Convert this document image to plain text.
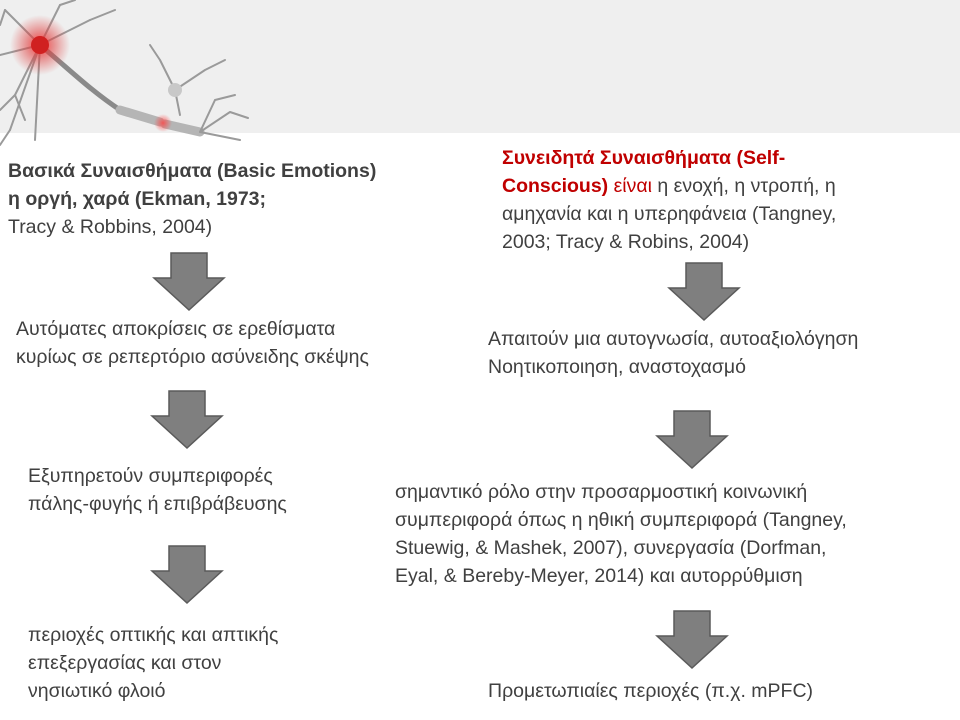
Βασικά Συναισθήματα (Basic Emotions)
η οργή, χαρά (Ekman, 1973;
Tracy & Robbins, 2004)

Συνειδητά Συναισθήματα (Self-
Conscious) είναι η ενοχή, η ντροπή, η
αμηχανία και η υπερηφάνεια (Tangney,
2003; Tracy & Robins, 2004)

Αυτόματες αποκρίσεις σε ερεθίσματα
κυρίως σε ρεπερτόριο ασύνειδης σκέψης

Εξυπηρετούν συμπεριφορές
πάλης-φυγής ή επιβράβευσης

περιοχές οπτικής και απτικής
επεξεργασίας και στον
νησιωτικό φλοιό

Απαιτούν μια αυτογνωσία, αυτοαξιολόγηση
Νοητικοποιηση, αναστοχασμό

σημαντικό ρόλο στην προσαρμοστική κοινωνική
συμπεριφορά όπως η ηθική συμπεριφορά (Tangney,
Stuewig, & Mashek, 2007), συνεργασία (Dorfman,
Eyal, & Bereby-Meyer, 2014) και αυτορρύθμιση

Προμετωπιαίες περιοχές (π.χ. mPFC)
